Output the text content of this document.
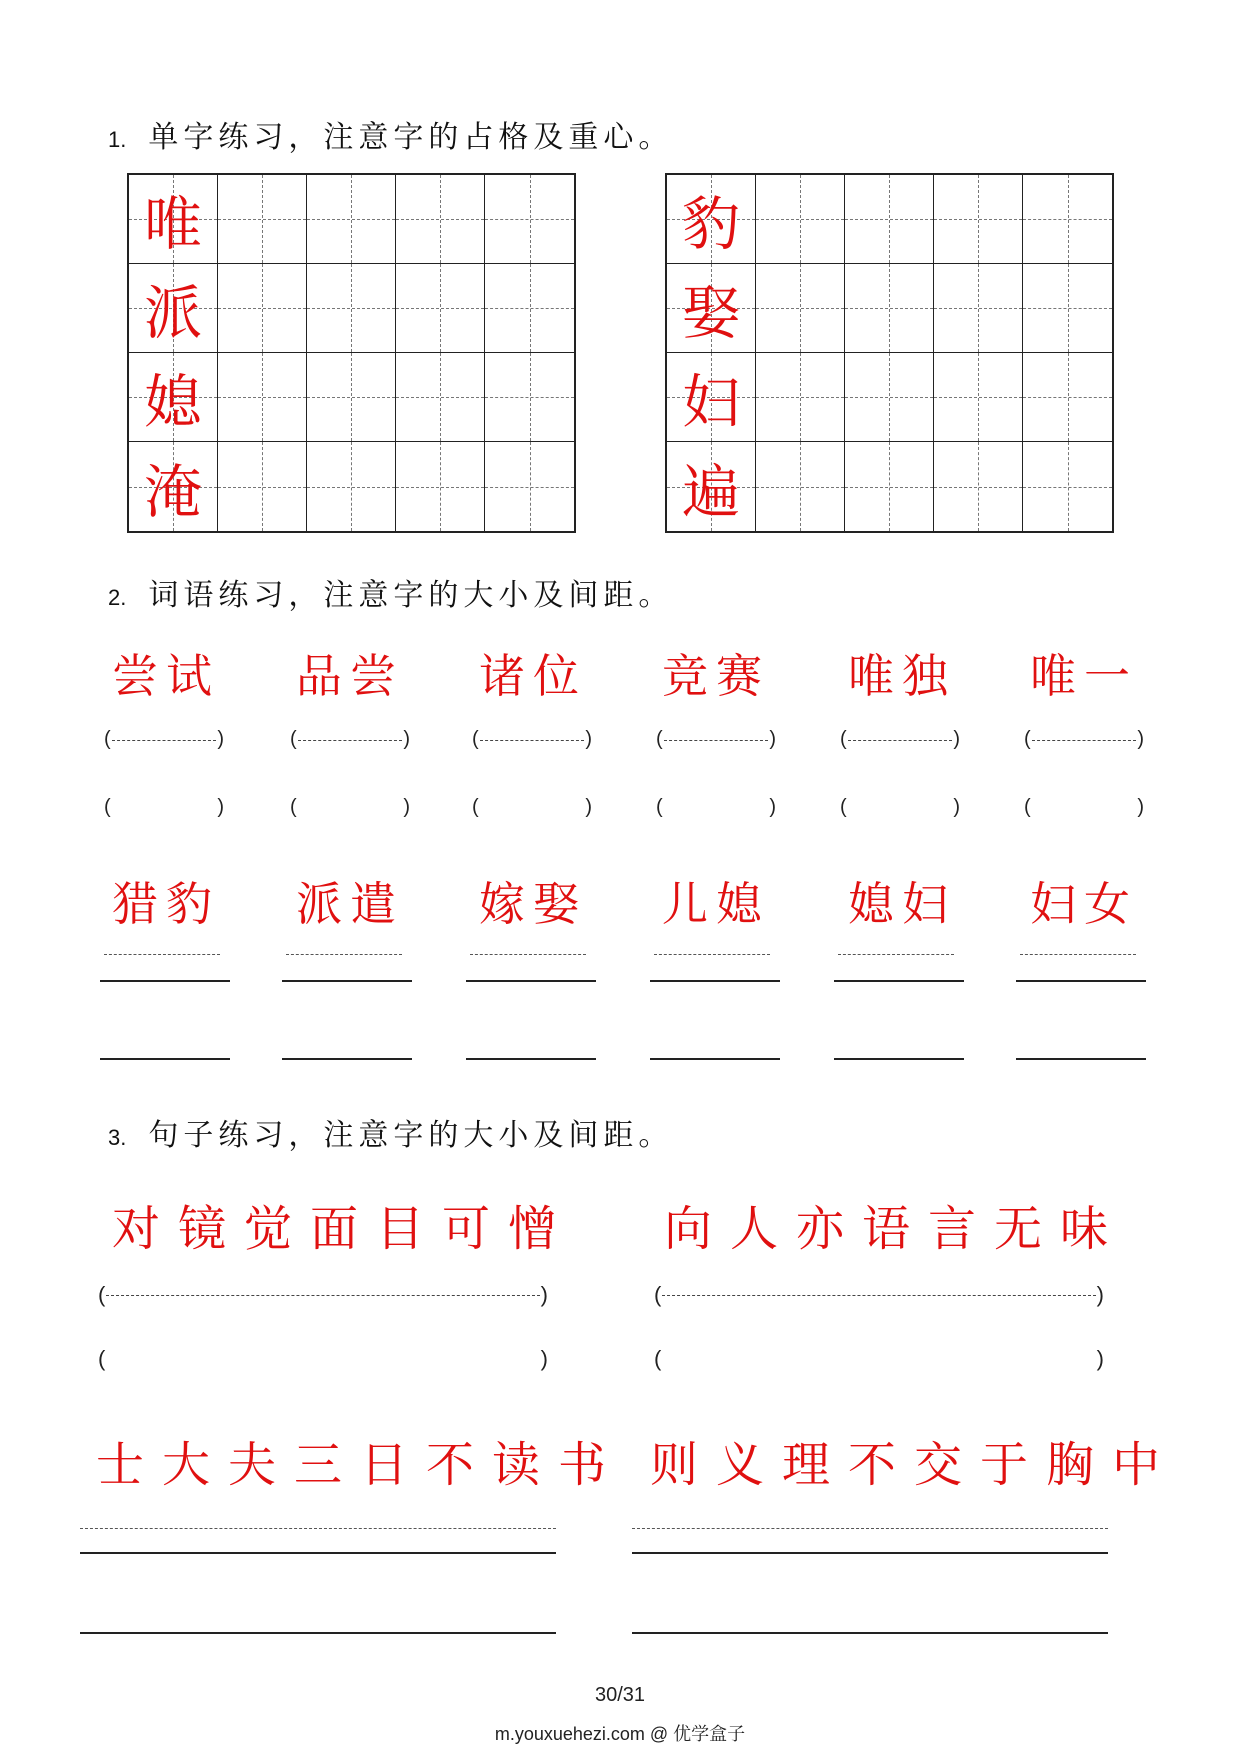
1. 单字练习，注意字的占格及重心。
唯
派
媳
淹
豹
娶
妇
遍
2. 词语练习，注意字的大小及间距。
尝试	品尝	诸位	竞赛	唯独	唯一
(	)	(	)	(	)	(	)	(	)	(	)
(	)	(	)	(	)	(	)	(	)	(	)
猎豹	派遣	嫁娶	儿媳	媳妇	妇女
3. 句子练习，注意字的大小及间距。
对镜觉面目可憎 向人亦语言无味
(	)	(	)
(	)	(	)
士大夫三日不读书 则义理不交于胸中
30/31
m.youxuehezi.com @ 优学盒子
